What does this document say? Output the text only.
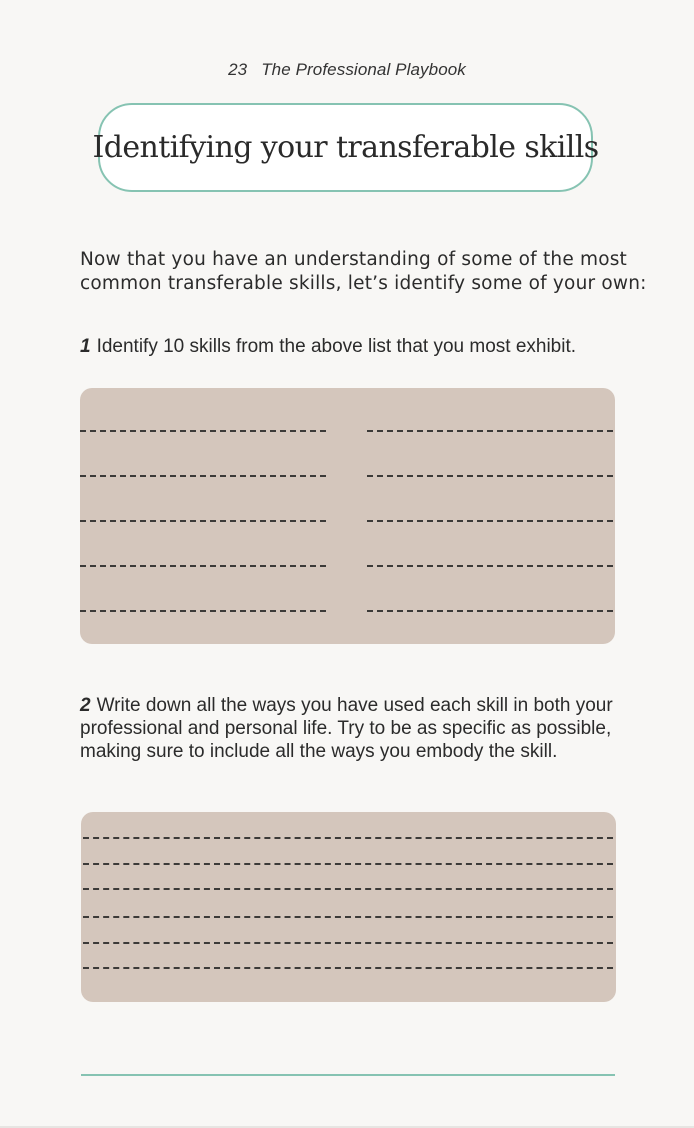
23 The Professional Playbook
Identifying your transferable skills
Now that you have an understanding of some of the most common transferable skills, let’s identify some of your own:
1 Identify 10 skills from the above list that you most exhibit.
2 Write down all the ways you have used each skill in both your professional and personal life. Try to be as specific as possible, making sure to include all the ways you embody the skill.
